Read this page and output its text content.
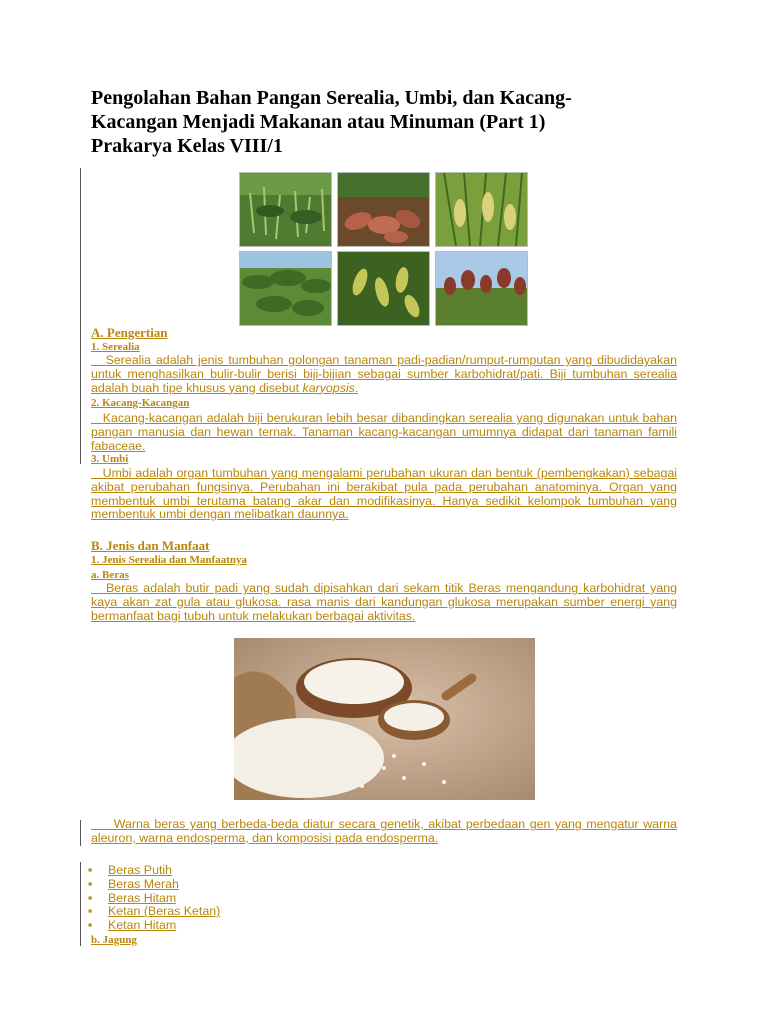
Pengolahan Bahan Pangan Serealia, Umbi, dan Kacang-
Kacangan Menjadi Makanan atau Minuman (Part 1)
Prakarya Kelas VIII/1
A. Pengertian
1. Serealia

Serealia adalah jenis tumbuhan golongan tanaman padi-padian/rumput-rumputan yang dibudidayakan untuk menghasilkan bulir-bulir berisi biji-bijian sebagai sumber karbohidrat/pati. Biji tumbuhan serealia adalah buah tipe khusus yang disebut karyopsis.

2. Kacang-Kacangan

Kacang-kacangan adalah biji berukuran lebih besar dibandingkan serealia yang digunakan untuk bahan pangan manusia dan hewan ternak. Tanaman kacang-kacangan umumnya didapat dari tanaman famili fabaceae.

3. Umbi

Umbi adalah organ tumbuhan yang mengalami perubahan ukuran dan bentuk (pembengkakan) sebagai akibat perubahan fungsinya. Perubahan ini berakibat pula pada perubahan anatominya. Organ yang membentuk umbi terutama batang akar dan modifikasinya. Hanya sedikit kelompok tumbuhan yang membentuk umbi dengan melibatkan daunnya.

B. Jenis dan Manfaat
1. Jenis Serealia dan Manfaatnya
a. Beras

Beras adalah butir padi yang sudah dipisahkan dari sekam titik Beras mengandung karbohidrat yang kaya akan zat gula atau glukosa. rasa manis dari kandungan glukosa merupakan sumber energi yang bermanfaat bagi tubuh untuk melakukan berbagai aktivitas.

Warna beras yang berbeda-beda diatur secara genetik, akibat perbedaan gen yang mengatur warna aleuron, warna endosperma, dan komposisi pada endosperma.

▪ Beras Putih
▪ Beras Merah
▪ Beras Hitam
▪ Ketan (Beras Ketan)
▪ Ketan Hitam
b. Jagung
